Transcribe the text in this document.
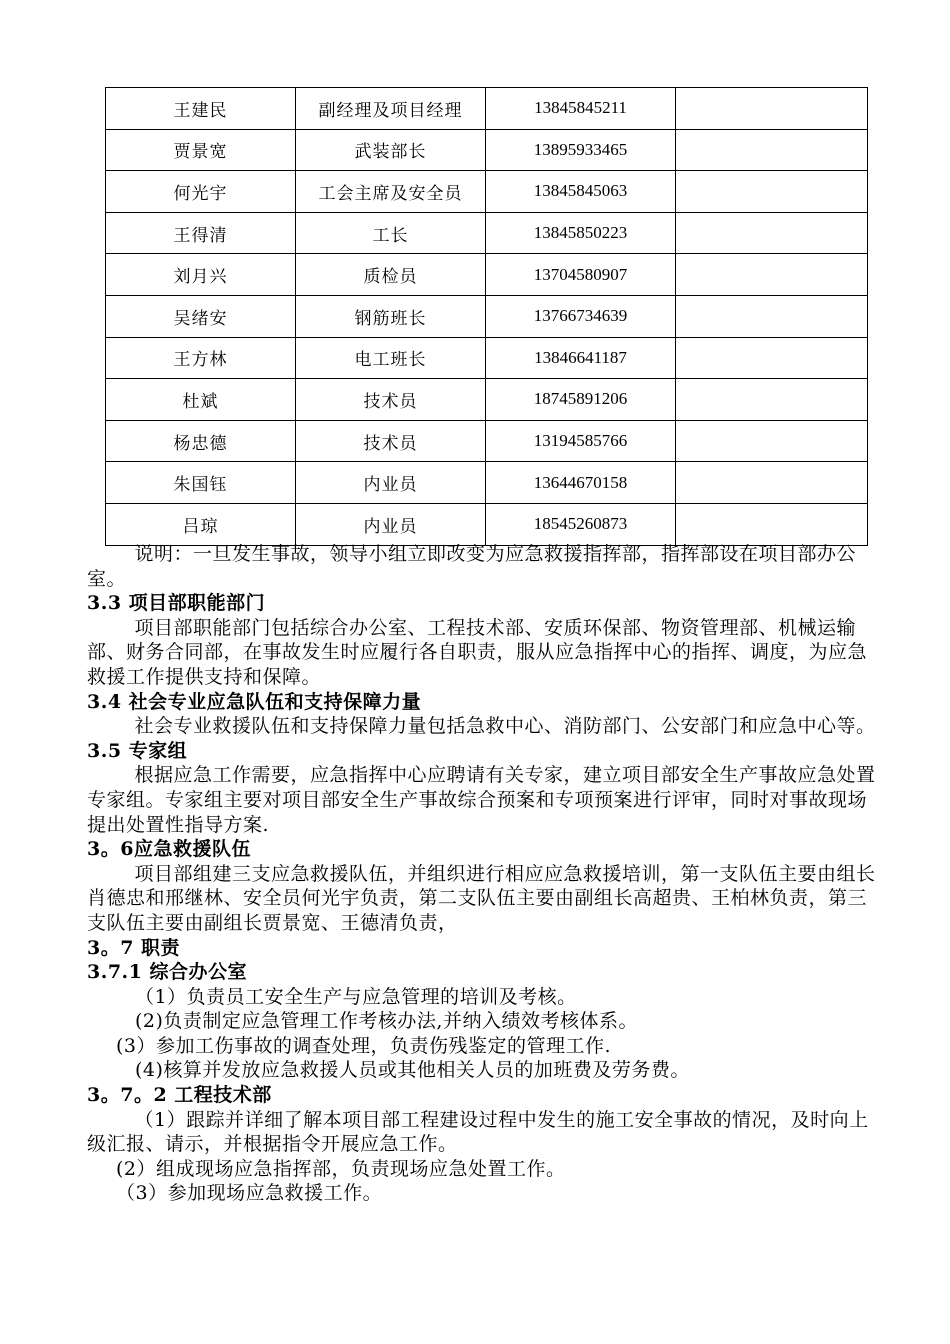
王建民	副经理及项目经理	13845845211	
贾景宽	武装部长	13895933465	
何光宇	工会主席及安全员	13845845063	
王得清	工长	13845850223	
刘月兴	质检员	13704580907	
吴绪安	钢筋班长	13766734639	
王方林	电工班长	13846641187	
杜斌	技术员	18745891206	
杨忠德	技术员	13194585766	
朱国钰	内业员	13644670158	
吕琼	内业员	18545260873	

说明：一旦发生事故，领导小组立即改变为应急救援指挥部，指挥部设在项目部办公室。

3.3 项目部职能部门

项目部职能部门包括综合办公室、工程技术部、安质环保部、物资管理部、机械运输部、财务合同部，在事故发生时应履行各自职责，服从应急指挥中心的指挥、调度，为应急救援工作提供支持和保障。

3.4 社会专业应急队伍和支持保障力量

社会专业救援队伍和支持保障力量包括急救中心、消防部门、公安部门和应急中心等。

3.5 专家组

根据应急工作需要，应急指挥中心应聘请有关专家，建立项目部安全生产事故应急处置专家组。专家组主要对项目部安全生产事故综合预案和专项预案进行评审，同时对事故现场提出处置性指导方案.

3。6应急救援队伍

项目部组建三支应急救援队伍，并组织进行相应应急救援培训，第一支队伍主要由组长肖德忠和邢继林、安全员何光宇负责，第二支队伍主要由副组长高超贵、王柏林负责，第三支队伍主要由副组长贾景宽、王德清负责，

3。7 职责

3.7.1 综合办公室

（1）负责员工安全生产与应急管理的培训及考核。

(2)负责制定应急管理工作考核办法,并纳入绩效考核体系。

(3）参加工伤事故的调查处理，负责伤残鉴定的管理工作.

(4)核算并发放应急救援人员或其他相关人员的加班费及劳务费。

3。7。2 工程技术部

（1）跟踪并详细了解本项目部工程建设过程中发生的施工安全事故的情况，及时向上级汇报、请示，并根据指令开展应急工作。

(2）组成现场应急指挥部，负责现场应急处置工作。

（3）参加现场应急救援工作。
